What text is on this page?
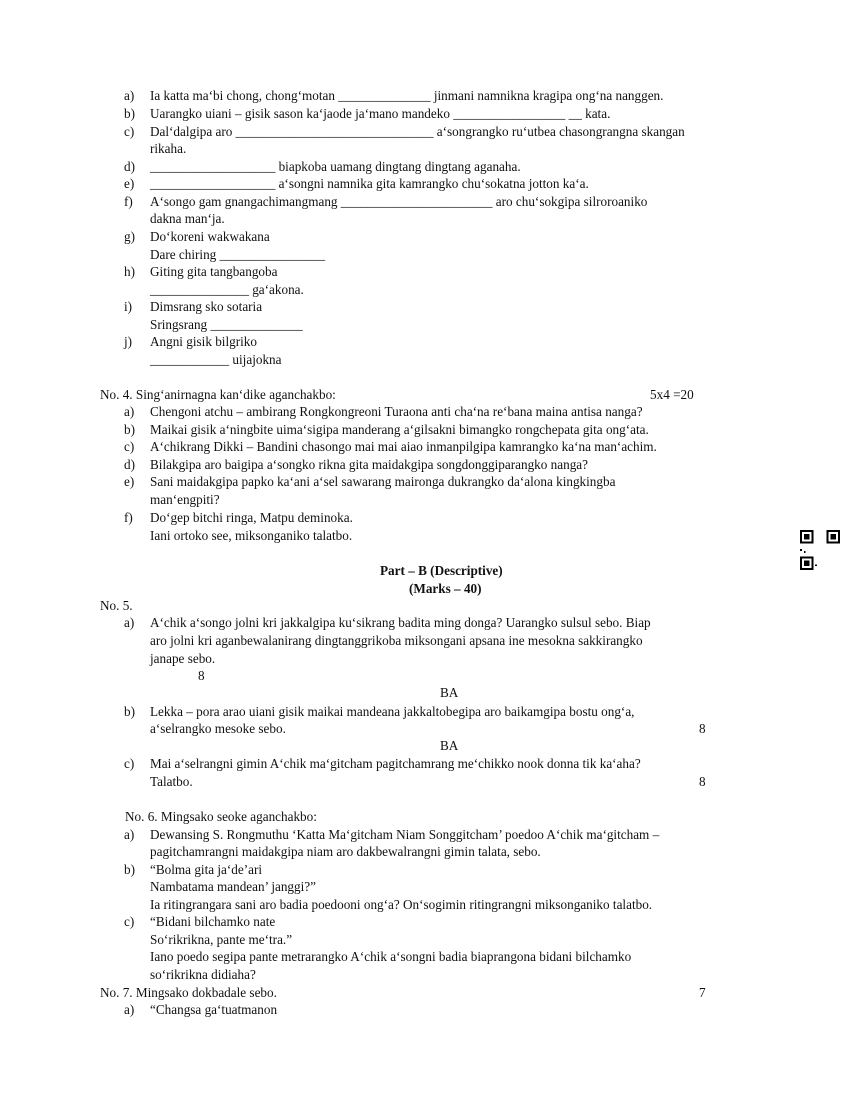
a) Ia katta maʻbi chong, chongʻmotan ______________ jinmani namnikna kragipa ongʻna nanggen.
b) Uarangko uiani – gisik sason kaʻjaode jaʻmano mandeko _________________ __ kata.
c) Dalʻdalgipa aro ______________________________ aʻsongrangko ruʻutbea chasongrangna skangan
rikaha.
d) ___________________ biapkoba uamang dingtang dingtang aganaha.
e) ___________________ aʻsongni namnika gita kamrangko chuʻsokatna jotton kaʻa.
f) Aʻsongo gam gnangachimangmang _______________________ aro chuʻsokgipa silroroaniko
dakna manʻja.
g) Doʻkoreni wakwakana
Dare chiring ________________
h) Giting gita tangbangoba
_______________ gaʻakona.
i) Dimsrang sko sotaria
Sringsrang ______________
j) Angni gisik bilgriko
____________ uijajokna
No. 4. Singʻanirnagna kanʻdike aganchakbo:	5x4 =20
a) Chengoni atchu – ambirang Rongkongreoni Turaona anti chaʻna reʻbana maina antisa nanga?
b) Maikai gisik aʻningbite uimaʻsigipa manderang aʻgilsakni bimangko rongchepata gita ongʻata.
c) Aʻchikrang Dikki – Bandini chasongo mai mai aiao inmanpilgipa kamrangko kaʻna manʻachim.
d) Bilakgipa aro baigipa aʻsongko rikna gita maidakgipa songdonggiparangko nanga?
e) Sani maidakgipa papko kaʻani aʻsel sawarang maironga dukrangko daʻalona kingkingba
manʻengpiti?
f) Doʻgep bitchi ringa, Matpu deminoka.
Iani ortoko see, miksonganiko talatbo.
Part – B (Descriptive)
(Marks – 40)
No. 5.
a) Aʻchik aʻsongo jolni kri jakkalgipa kuʻsikrang badita ming donga? Uarangko sulsul sebo. Biap
aro jolni kri aganbewalanirang dingtanggrikoba miksongani apsana ine mesokna sakkirangko
janape sebo.
b) Lekka – pora arao uiani gisik maikai mandeana jakkaltobegipa aro baikamgipa bostu ongʻa,
aʻselrangko mesoke sebo.
c) Mai aʻselrangni gimin Aʻchik maʻgitcham pagitchamrang meʻchikko nook donna tik kaʻaha?
Talatbo.
8
BA
8
BA
8
No. 6. Mingsako seoke aganchakbo:
a) Dewansing S. Rongmuthu ‘Katta Maʻgitcham Niam Songgitcham’ poedoo Aʻchik maʻgitcham –
pagitchamrangni maidakgipa niam aro dakbewalrangni gimin talata, sebo.
b) “Bolma gita jaʻde’ari
Nambatama mandean’ janggi?”
Ia ritingrangara sani aro badia poedooni ongʻa? Onʻsogimin ritingrangni miksonganiko talatbo.
c) “Bidani bilchamko nate
Soʻrikrikna, pante meʻtra.”
Iano poedo segipa pante metrarangko Aʻchik aʻsongni badia biaprangona bidani bilchamko
soʻrikrikna didiaha?
No. 7. Mingsako dokbadale sebo.	7
a) “Changsa gaʻtuatmanon
